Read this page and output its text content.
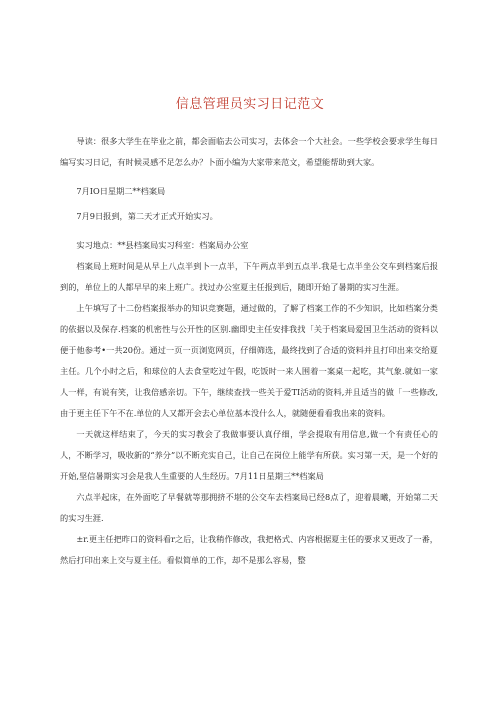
信息管理员实习日记范文

导读：很多大学生在毕业之前，都会面临去公司实习，去体会一个大社会。一些学校会要求学生每日编写实习日记，有时候灵感不足怎么办？卜面小编为大家带来范文，希望能帮助到大家。

7月IO日星期二**档案局

7月9日报到，第二天才正式开始实习。

实习地点：**县档案局实习科室：档案局办公室

档案局上班时间是从早上八点半到卜一点半，下午两点半到五点半.我是七点半坐公交车到档案后报到的，单位上的人都早早的来上班广。找过办公室夏主任报到后，随即开始了暑期的实习生涯。

上午填写了十二份档案报举办的知识竞赛题，通过做的，了解了档案工作的不少知识，比如档案分类的依据以及保存.档案的机密性与公开性的区别.幽即史主任安排我找「关于档案局爱国卫生活动的资料以便于他参考•一共20份。通过一页一页浏览网页，仔细筛选，最终找到了合适的资料并且打印出来交给夏主任。几个小时之后，和球位的人去食堂吃过午假，吃饭时一来人围着一案桌一起吃，其气象.就如一家人一样，有说有笑，让我倍感亲切。下午，继续查找一些关于爱TI活动的资料,并且适当的做「一些修改,由于更主任下午不在.单位的人又都开会去心单位基本没什么人，就随便看看我出来的资料。

一天就这样结束了，今天的实习教会了我做事要认真仔细，学会提取有用信息,做一个有责任心的人，不断学习，吸收新的“养分”以不断充实自己，让自己在岗位上能学有所获。实习第一天，是一个好的开始,坚信暑期实习会是我人生重要的人生经历。7月11日星期三**档案局

六点半起床，在外面吃了早餐就等那拥挤不堪的公交车去档案局已经8点了，迎着晨曦，开始第二天的实习生涯.

±r.更主任把昨口的资料看r之后，让我稍作修改，我把格式、内容根据夏主任的要求又更改了一番，然后打印出来上交与夏主任。看似简单的工作，却不是那么容易，整
